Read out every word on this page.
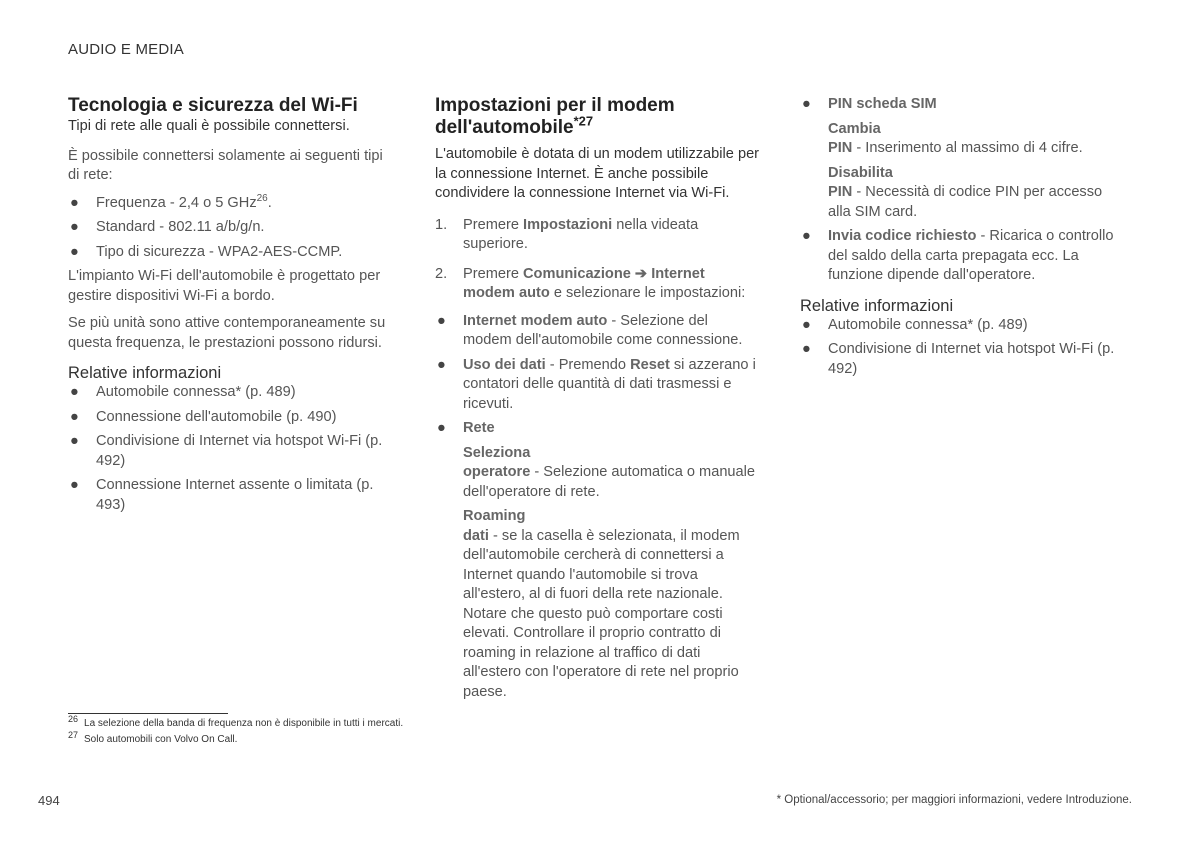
AUDIO E MEDIA
Tecnologia e sicurezza del Wi-Fi

Tipi di rete alle quali è possibile connettersi.

È possibile connettersi solamente ai seguenti tipi di rete:

● Frequenza - 2,4 o 5 GHz$^{26}$.
● Standard - 802.11 a/b/g/n.
● Tipo di sicurezza - WPA2-AES-CCMP.

L'impianto Wi-Fi dell'automobile è progettato per gestire dispositivi Wi-Fi a bordo.

Se più unità sono attive contemporaneamente su questa frequenza, le prestazioni possono ridursi.

Relative informazioni
● Automobile connessa* (p. 489)
● Connessione dell'automobile (p. 490)
● Condivisione di Internet via hotspot Wi-Fi (p. 492)
● Connessione Internet assente o limitata (p. 493)
Impostazioni per il modem dell'automobile$^{*27}$

L'automobile è dotata di un modem utilizzabile per la connessione Internet. È anche possibile condividere la connessione Internet via Wi-Fi.

1. Premere Impostazioni nella videata superiore.
2. Premere Comunicazione ➔ Internet modem auto e selezionare le impostazioni:
● Internet modem auto - Selezione del modem dell'automobile come connessione.
● Uso dei dati - Premendo Reset si azzerano i contatori delle quantità di dati trasmessi e ricevuti.
● Rete
Seleziona
operatore - Selezione automatica o manuale dell'operatore di rete.
Roaming
dati - se la casella è selezionata, il modem dell'automobile cercherà di connettersi a Internet quando l'automobile si trova all'estero, al di fuori della rete nazionale. Notare che questo può comportare costi elevati. Controllare il proprio contratto di roaming in relazione al traffico di dati all'estero con l'operatore di rete nel proprio paese.
● PIN scheda SIM
Cambia
PIN - Inserimento al massimo di 4 cifre.
Disabilita
PIN - Necessità di codice PIN per accesso alla SIM card.
● Invia codice richiesto - Ricarica o controllo del saldo della carta prepagata ecc. La funzione dipende dall'operatore.
Relative informazioni
● Automobile connessa* (p. 489)
● Condivisione di Internet via hotspot Wi-Fi (p. 492)
$^{26}$ La selezione della banda di frequenza non è disponibile in tutti i mercati.
$^{27}$ Solo automobili con Volvo On Call.
494	* Optional/accessorio; per maggiori informazioni, vedere Introduzione.
